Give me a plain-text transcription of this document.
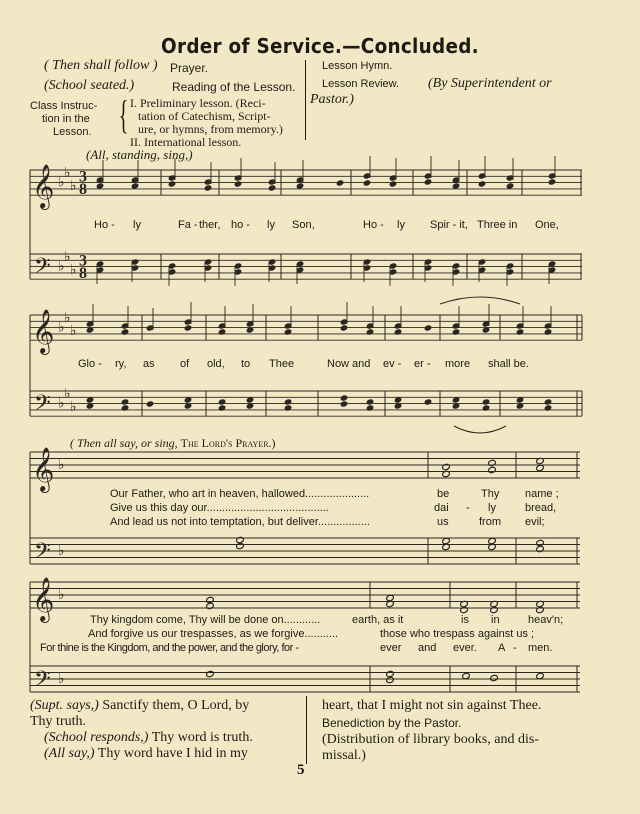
Order of Service.—Concluded.
( Then shall follow ) Prayer.
(School seated.)	Reading of the Lesson.
Class Instruc-
tion in the
Lesson. { I. Preliminary lesson. (Reci-
tation of Catechism, Script-
ure, or hymns, from memory.)
II. International lesson.
Lesson Hymn.
Lesson Review. (By Superintendent or
Pastor.)
(All, standing, sing,)
𝄞
𝄢
♭
♭
♭
♭
♭
♭
3
8
3
8
𝄞
𝄢
♭
♭
♭
♭
♭
♭
𝄞
𝄢
♭
♭
𝄞
𝄢
♭
♭
Ho - ly	Fa - ther, ho - ly Son,	Ho - ly Spir - it, Three in One,
Glo - ry, as of old, to Thee	Now and ev - er - more shall be.
( Then all say, or sing, The Lord's Prayer.)
Our Father, who art in heaven, hallowed.....................
Give us this day our........................................
And lead us not into temptation, but deliver.................
be	Thy name ;
dai - ly	bread,
us	from evil;
Thy kingdom come, Thy will be done on............	earth, as it	is in	heav'n;
And forgive us our trespasses, as we forgive...........	those who trespass against us ;
For thine is the Kingdom, and the power, and the glory, for -	ever and ever. A - men.
(Supt. says,) Sanctify them, O Lord, by
Thy truth.
(School responds,) Thy word is truth.
(All say,) Thy word have I hid in my
heart, that I might not sin against Thee.
Benediction by the Pastor.
(Distribution of library books, and dis-
missal.)
5
